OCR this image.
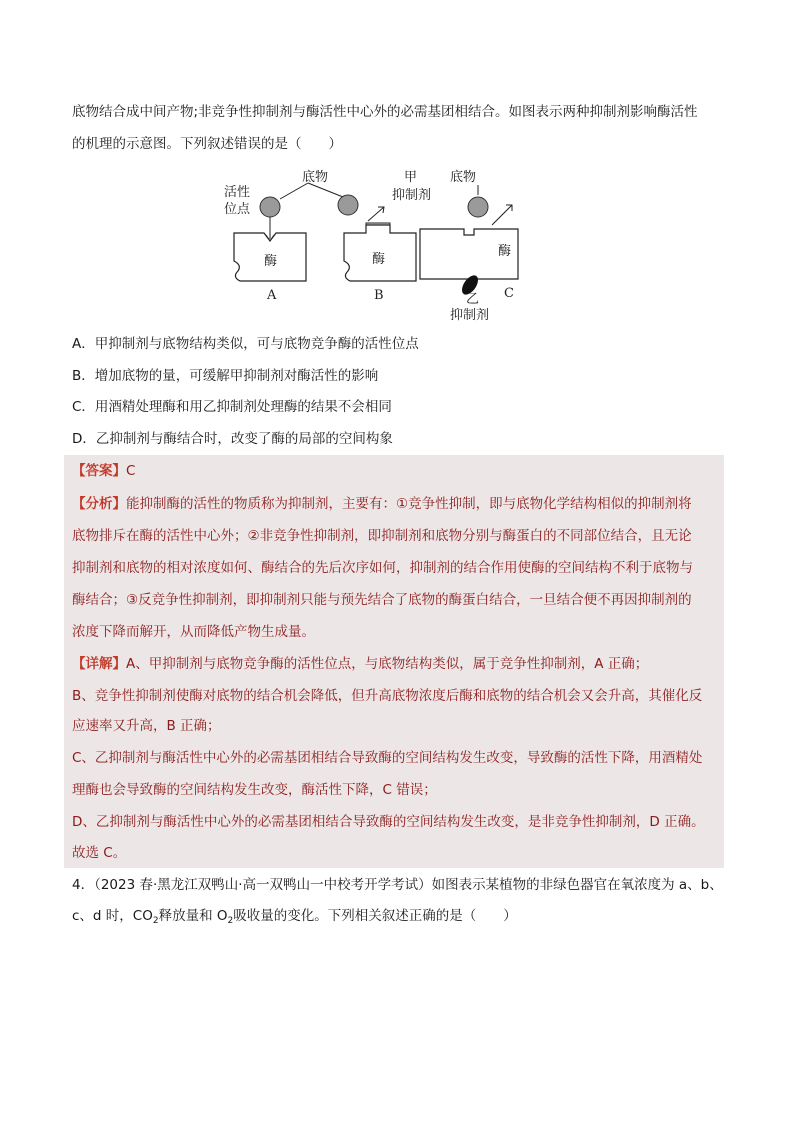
底物结合成中间产物;非竞争性抑制剂与酶活性中心外的必需基团相结合。如图表示两种抑制剂影响酶活性
的机理的示意图。下列叙述错误的是（　　）
活性
位点
底物
酶
A
甲
抑制剂
酶
B
底物
酶
C
乙
抑制剂
A．甲抑制剂与底物结构类似，可与底物竞争酶的活性位点
B．增加底物的量，可缓解甲抑制剂对酶活性的影响
C．用酒精处理酶和用乙抑制剂处理酶的结果不会相同
D．乙抑制剂与酶结合时，改变了酶的局部的空间构象
【答案】C
【分析】能抑制酶的活性的物质称为抑制剂，主要有：①竞争性抑制，即与底物化学结构相似的抑制剂将
底物排斥在酶的活性中心外；②非竞争性抑制剂，即抑制剂和底物分别与酶蛋白的不同部位结合，且无论
抑制剂和底物的相对浓度如何、酶结合的先后次序如何，抑制剂的结合作用使酶的空间结构不利于底物与
酶结合；③反竞争性抑制剂，即抑制剂只能与预先结合了底物的酶蛋白结合，一旦结合便不再因抑制剂的
浓度下降而解开，从而降低产物生成量。
【详解】A、甲抑制剂与底物竞争酶的活性位点，与底物结构类似，属于竞争性抑制剂，A 正确；
B、竞争性抑制剂使酶对底物的结合机会降低，但升高底物浓度后酶和底物的结合机会又会升高，其催化反
应速率又升高，B 正确；
C、乙抑制剂与酶活性中心外的必需基团相结合导致酶的空间结构发生改变，导致酶的活性下降，用酒精处
理酶也会导致酶的空间结构发生改变，酶活性下降，C 错误；
D、乙抑制剂与酶活性中心外的必需基团相结合导致酶的空间结构发生改变，是非竞争性抑制剂，D 正确。
故选 C。
4．（2023 春·黑龙江双鸭山·高一双鸭山一中校考开学考试）如图表示某植物的非绿色器官在氧浓度为 a、b、
c、d 时，$CO_2$释放量和 $O_2$吸收量的变化。下列相关叙述正确的是（　　）
